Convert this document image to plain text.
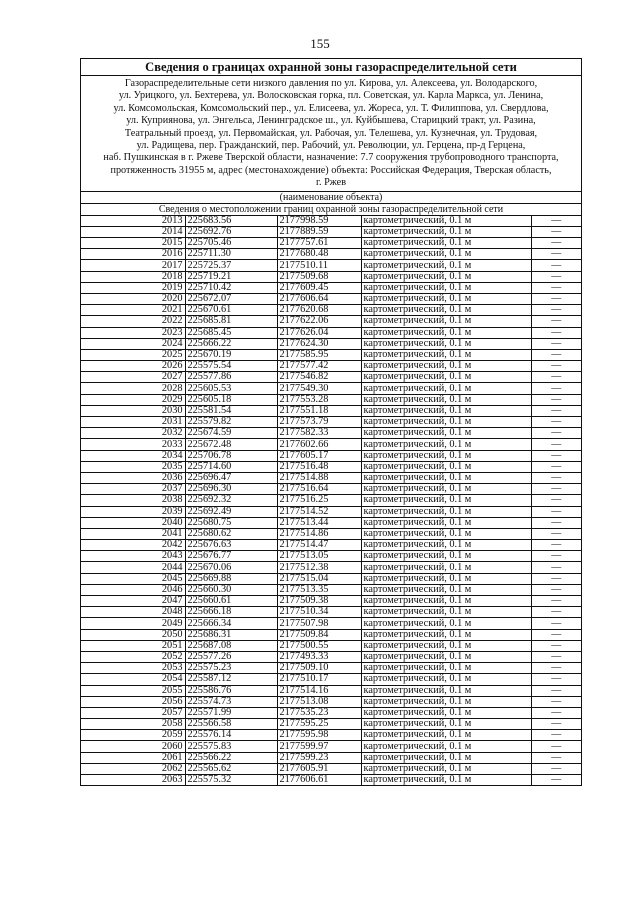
155
Сведения о границах охранной зоны газораспределительной сети
Газораспределительные сети низкого давления по ул. Кирова, ул. Алексеева, ул. Володарского,
ул. Урицкого, ул. Бехтерева, ул. Волосковская горка, пл. Советская, ул. Карла Маркса, ул. Ленина,
ул. Комсомольская, Комсомольский пер., ул. Елисеева, ул. Жореса, ул. Т. Филиппова, ул. Свердлова,
ул. Куприянова, ул. Энгельса, Ленинградское ш., ул. Куйбышева, Старицкий тракт, ул. Разина,
Театральный проезд, ул. Первомайская, ул. Рабочая, ул. Телешева, ул. Кузнечная, ул. Трудовая,
ул. Радищева, пер. Гражданский, пер. Рабочий, ул. Революции, ул. Герцена, пр-д Герцена,
наб. Пушкинская в г. Ржеве Тверской области, назначение: 7.7 сооружения трубопроводного транспорта,
протяженность 31955 м, адрес (местонахождение) объекта: Российская Федерация, Тверская область,
г. Ржев
(наименование объекта)
Сведения о местоположении границ охранной зоны газораспределительной сети
2013	225683.56	2177998.59	картометрический, 0.1 м	—
2014	225692.76	2177889.59	картометрический, 0.1 м	—
2015	225705.46	2177757.61	картометрический, 0.1 м	—
2016	225711.30	2177680.48	картометрический, 0.1 м	—
2017	225725.37	2177510.11	картометрический, 0.1 м	—
2018	225719.21	2177509.68	картометрический, 0.1 м	—
2019	225710.42	2177609.45	картометрический, 0.1 м	—
2020	225672.07	2177606.64	картометрический, 0.1 м	—
2021	225670.61	2177620.68	картометрический, 0.1 м	—
2022	225685.81	2177622.06	картометрический, 0.1 м	—
2023	225685.45	2177626.04	картометрический, 0.1 м	—
2024	225666.22	2177624.30	картометрический, 0.1 м	—
2025	225670.19	2177585.95	картометрический, 0.1 м	—
2026	225575.54	2177577.42	картометрический, 0.1 м	—
2027	225577.86	2177546.82	картометрический, 0.1 м	—
2028	225605.53	2177549.30	картометрический, 0.1 м	—
2029	225605.18	2177553.28	картометрический, 0.1 м	—
2030	225581.54	2177551.18	картометрический, 0.1 м	—
2031	225579.82	2177573.79	картометрический, 0.1 м	—
2032	225674.59	2177582.33	картометрический, 0.1 м	—
2033	225672.48	2177602.66	картометрический, 0.1 м	—
2034	225706.78	2177605.17	картометрический, 0.1 м	—
2035	225714.60	2177516.48	картометрический, 0.1 м	—
2036	225696.47	2177514.88	картометрический, 0.1 м	—
2037	225696.30	2177516.64	картометрический, 0.1 м	—
2038	225692.32	2177516.25	картометрический, 0.1 м	—
2039	225692.49	2177514.52	картометрический, 0.1 м	—
2040	225680.75	2177513.44	картометрический, 0.1 м	—
2041	225680.62	2177514.86	картометрический, 0.1 м	—
2042	225676.63	2177514.47	картометрический, 0.1 м	—
2043	225676.77	2177513.05	картометрический, 0.1 м	—
2044	225670.06	2177512.38	картометрический, 0.1 м	—
2045	225669.88	2177515.04	картометрический, 0.1 м	—
2046	225660.30	2177513.35	картометрический, 0.1 м	—
2047	225660.61	2177509.38	картометрический, 0.1 м	—
2048	225666.18	2177510.34	картометрический, 0.1 м	—
2049	225666.34	2177507.98	картометрический, 0.1 м	—
2050	225686.31	2177509.84	картометрический, 0.1 м	—
2051	225687.08	2177500.55	картометрический, 0.1 м	—
2052	225577.26	2177493.33	картометрический, 0.1 м	—
2053	225575.23	2177509.10	картометрический, 0.1 м	—
2054	225587.12	2177510.17	картометрический, 0.1 м	—
2055	225586.76	2177514.16	картометрический, 0.1 м	—
2056	225574.73	2177513.08	картометрический, 0.1 м	—
2057	225571.99	2177535.23	картометрический, 0.1 м	—
2058	225566.58	2177595.25	картометрический, 0.1 м	—
2059	225576.14	2177595.98	картометрический, 0.1 м	—
2060	225575.83	2177599.97	картометрический, 0.1 м	—
2061	225566.22	2177599.23	картометрический, 0.1 м	—
2062	225565.62	2177605.91	картометрический, 0.1 м	—
2063	225575.32	2177606.61	картометрический, 0.1 м	—
